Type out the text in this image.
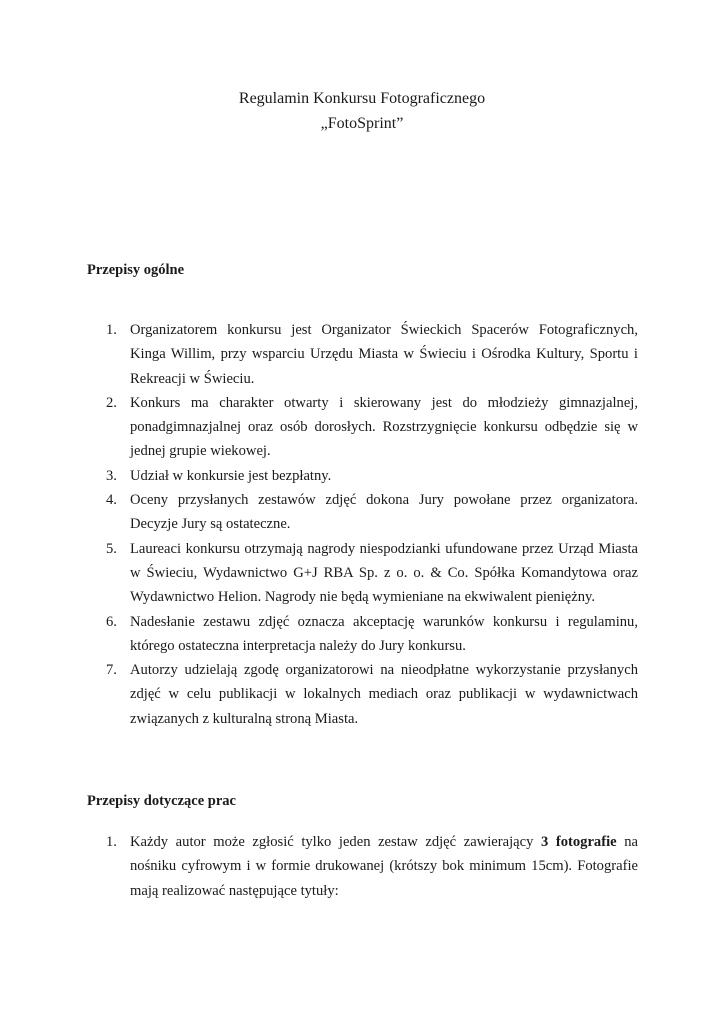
Regulamin Konkursu Fotograficznego
„FotoSprint”
Przepisy ogólne
1. Organizatorem konkursu jest Organizator Świeckich Spacerów Fotograficznych, Kinga Willim, przy wsparciu Urzędu Miasta w Świeciu i Ośrodka Kultury, Sportu i Rekreacji w Świeciu.
2. Konkurs ma charakter otwarty i skierowany jest do młodzieży gimnazjalnej, ponadgimnazjalnej oraz osób dorosłych. Rozstrzygnięcie konkursu odbędzie się w jednej grupie wiekowej.
3. Udział w konkursie jest bezpłatny.
4. Oceny przysłanych zestawów zdjęć dokona Jury powołane przez organizatora. Decyzje Jury są ostateczne.
5. Laureaci konkursu otrzymają nagrody niespodzianki ufundowane przez Urząd Miasta w Świeciu, Wydawnictwo G+J RBA Sp. z o. o. & Co. Spółka Komandytowa oraz Wydawnictwo Helion. Nagrody nie będą wymieniane na ekwiwalent pieniężny.
6. Nadesłanie zestawu zdjęć oznacza akceptację warunków konkursu i regulaminu, którego ostateczna interpretacja należy do Jury konkursu.
7. Autorzy udzielają zgodę organizatorowi na nieodpłatne wykorzystanie przysłanych zdjęć w celu publikacji w lokalnych mediach oraz publikacji w wydawnictwach związanych z kulturalną stroną Miasta.
Przepisy dotyczące prac
1. Każdy autor może zgłosić tylko jeden zestaw zdjęć zawierający 3 fotografie na nośniku cyfrowym i w formie drukowanej (krótszy bok minimum 15cm). Fotografie mają realizować następujące tytuły:
